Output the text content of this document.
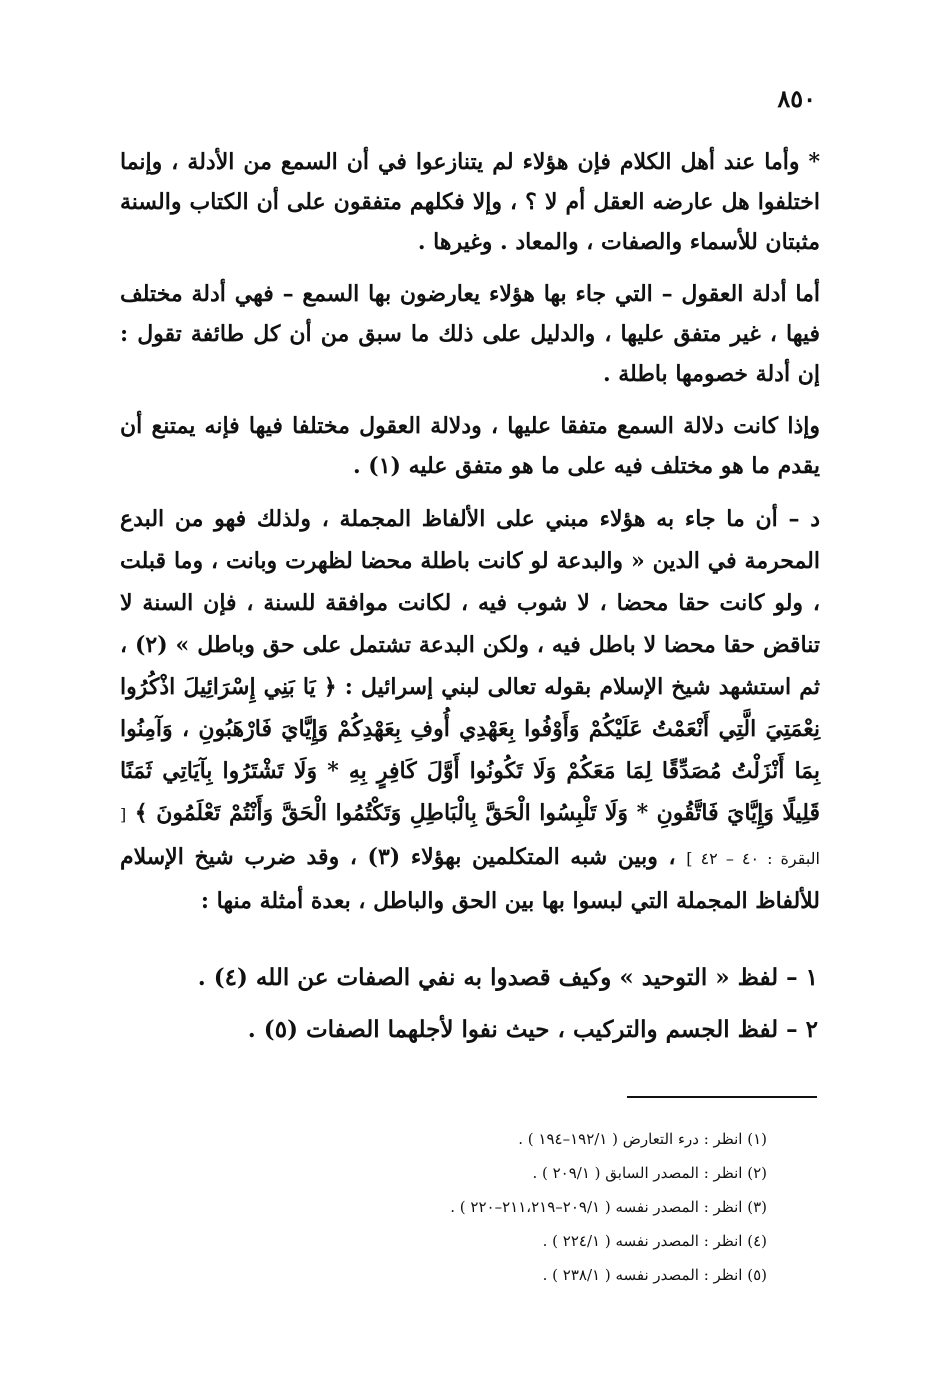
٨٥٠

* وأما عند أهل الكلام فإن هؤلاء لم يتنازعوا في أن السمع من الأدلة ، وإنما اختلفوا هل عارضه العقل أم لا ؟ ، وإلا فكلهم متفقون على أن الكتاب والسنة مثبتان للأسماء والصفات ، والمعاد . وغيرها .

أما أدلة العقول – التي جاء بها هؤلاء يعارضون بها السمع – فهي أدلة مختلف فيها ، غير متفق عليها ، والدليل على ذلك ما سبق من أن كل طائفة تقول : إن أدلة خصومها باطلة .

وإذا كانت دلالة السمع متفقا عليها ، ودلالة العقول مختلفا فيها فإنه يمتنع أن يقدم ما هو مختلف فيه على ما هو متفق عليه (١) .

د – أن ما جاء به هؤلاء مبني على الألفاظ المجملة ، ولذلك فهو من البدع المحرمة في الدين « والبدعة لو كانت باطلة محضا لظهرت وبانت ، وما قبلت ، ولو كانت حقا محضا ، لا شوب فيه ، لكانت موافقة للسنة ، فإن السنة لا تناقض حقا محضا لا باطل فيه ، ولكن البدعة تشتمل على حق وباطل » (٢) ، ثم استشهد شيخ الإسلام بقوله تعالى لبني إسرائيل : ﴿ يَا بَنِي إِسْرَائِيلَ اذْكُرُوا نِعْمَتِيَ الَّتِي أَنْعَمْتُ عَلَيْكُمْ وَأَوْفُوا بِعَهْدِي أُوفِ بِعَهْدِكُمْ وَإِيَّايَ فَارْهَبُونِ ، وَآمِنُوا بِمَا أَنْزَلْتُ مُصَدِّقًا لِمَا مَعَكُمْ وَلَا تَكُونُوا أَوَّلَ كَافِرٍ بِهِ * وَلَا تَشْتَرُوا بِآيَاتِي ثَمَنًا قَلِيلًا وَإِيَّايَ فَاتَّقُونِ * وَلَا تَلْبِسُوا الْحَقَّ بِالْبَاطِلِ وَتَكْتُمُوا الْحَقَّ وَأَنْتُمْ تَعْلَمُونَ ﴾ [ البقرة : ٤٠ – ٤٢ ] ، وبين شبه المتكلمين بهؤلاء (٣) ، وقد ضرب شيخ الإسلام للألفاظ المجملة التي لبسوا بها بين الحق والباطل ، بعدة أمثلة منها :

١ – لفظ « التوحيد » وكيف قصدوا به نفي الصفات عن الله (٤) .
٢ – لفظ الجسم والتركيب ، حيث نفوا لأجلهما الصفات (٥) .
(١) انظر : درء التعارض ( ١٩٢/١–١٩٤ ) .
(٢) انظر : المصدر السابق ( ٢٠٩/١ ) .
(٣) انظر : المصدر نفسه ( ٢٠٩/١–٢١١،٢١٩–٢٢٠ ) .
(٤) انظر : المصدر نفسه ( ٢٢٤/١ ) .
(٥) انظر : المصدر نفسه ( ٢٣٨/١ ) .
